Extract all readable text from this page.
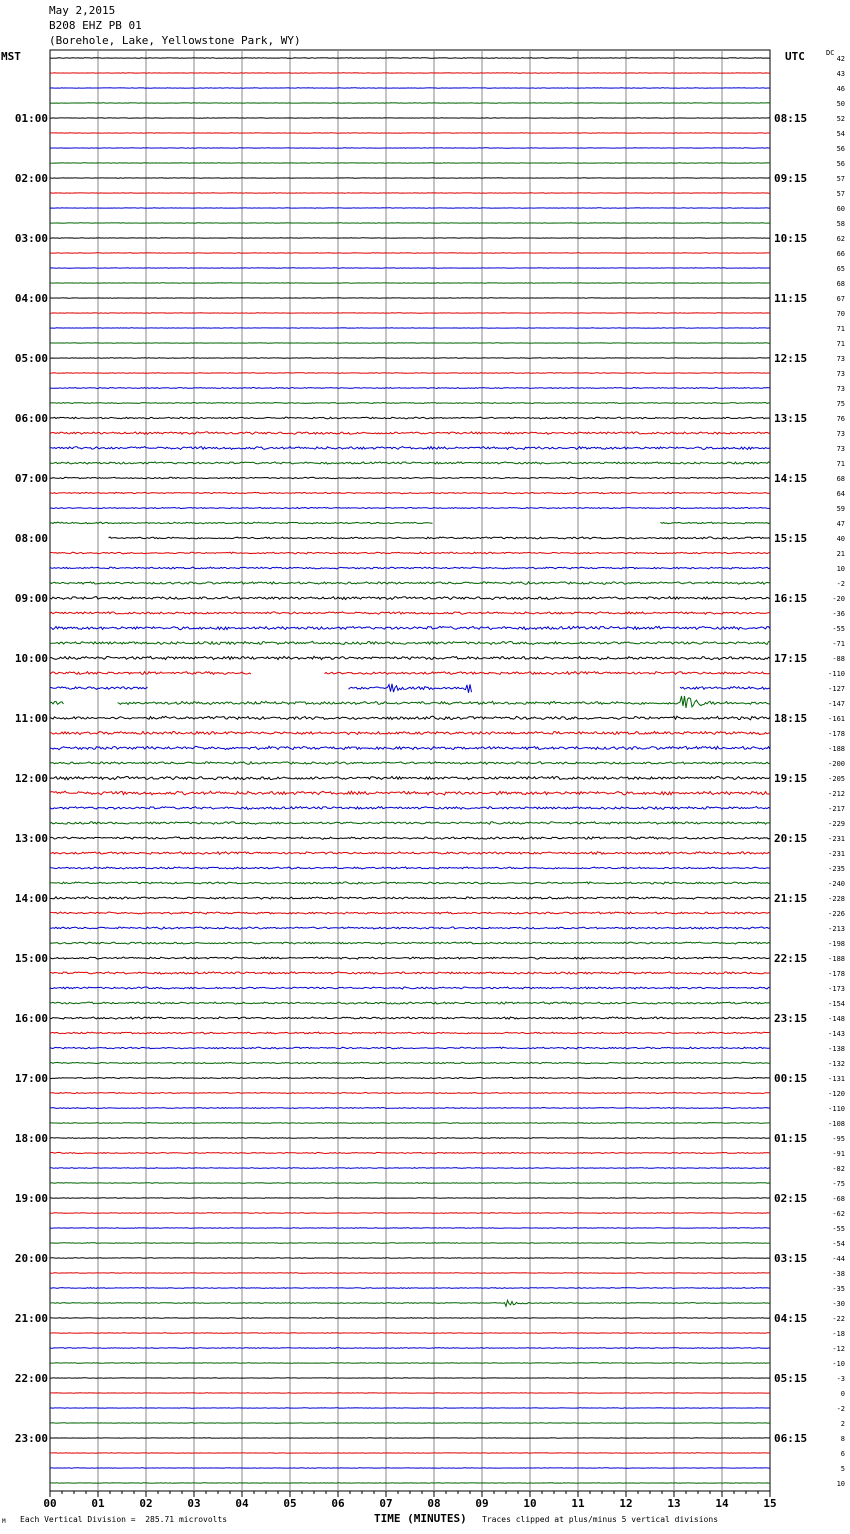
00	01	02	03	04	05	06	07	08	09	10	11	12	13	14	15
01:00	08:15
02:00	09:15
03:00	10:15
04:00	11:15
05:00	12:15
06:00	13:15
07:00	14:15
08:00	15:15
09:00	16:15
10:00	17:15
11:00	18:15
12:00	19:15
13:00	20:15
14:00	21:15
15:00	22:15
16:00	23:15
17:00	00:15
18:00	01:15
19:00	02:15
20:00	03:15
21:00	04:15
22:00	05:15
23:00	06:15
42
43
46
50
52
54
56
56
57
57
60
58
62
66
65
68
67
70
71
71
73
73
73
75
76
73
73
71
68
64
59
47
40
21
10
-2
-20
-36
-55
-71
-88
-110
-127
-147
-161
-178
-188
-200
-205
-212
-217
-229
-231
-231
-235
-240
-228
-226
-213
-198
-188
-178
-173
-154
-148
-143
-138
-132
-131
-120
-110
-108
-95
-91
-82
-75
-68
-62
-55
-54
-44
-38
-35
-30
-22
-18
-12
-10
-3
0
-2
2
8
6
5
10
May 2,2015
B208 EHZ PB 01
(Borehole, Lake, Yellowstone Park, WY)
MST	UTC	DC
M Each Vertical Division =  285.71 microvolts	TIME (MINUTES) Traces clipped at plus/minus 5 vertical divisions
